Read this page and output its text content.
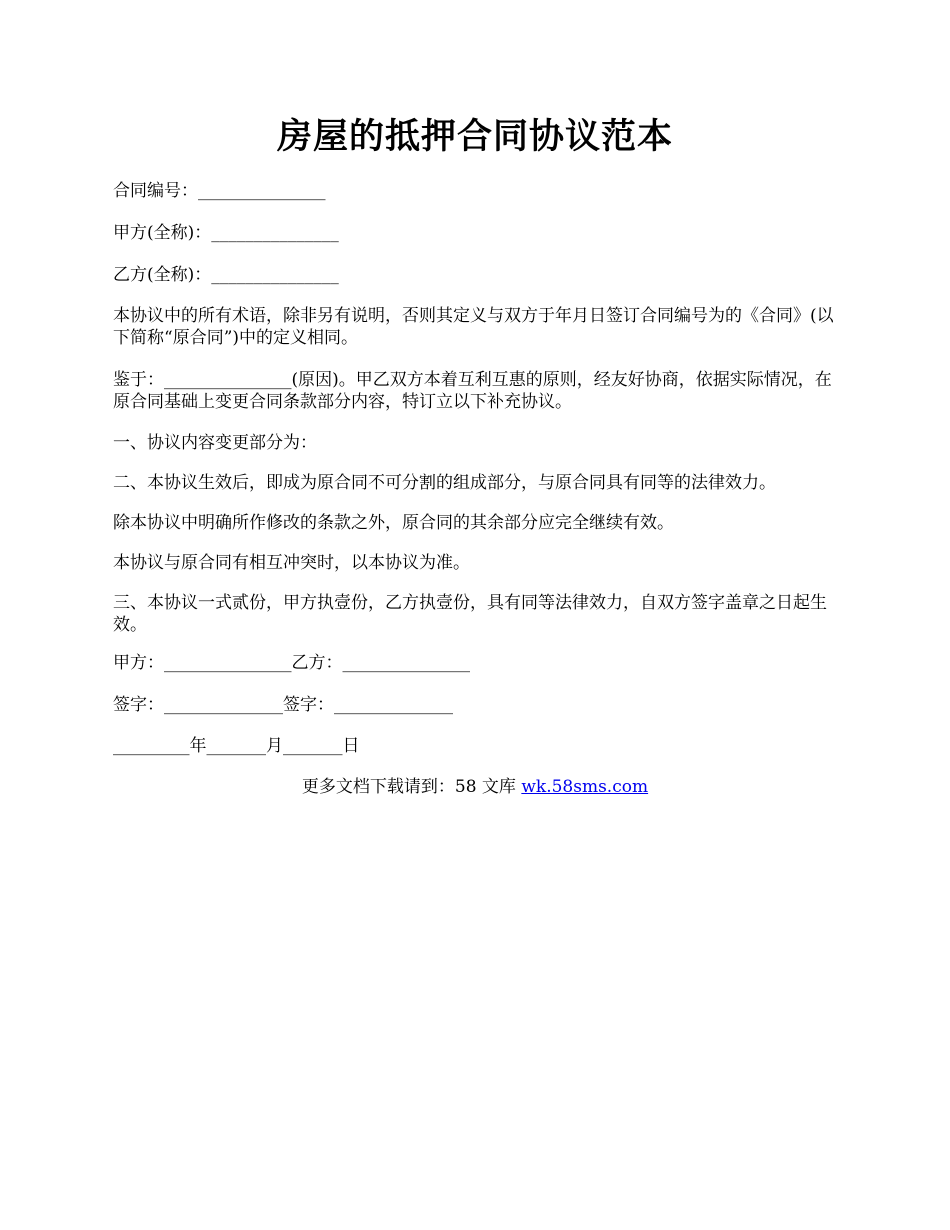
房屋的抵押合同协议范本
合同编号：_______________
甲方(全称)：_______________
乙方(全称)：_______________
本协议中的所有术语，除非另有说明，否则其定义与双方于年月日签订合同编号为的《合同》(以下简称“原合同”)中的定义相同。
鉴于：_______________(原因)。甲乙双方本着互利互惠的原则，经友好协商，依据实际情况，在原合同基础上变更合同条款部分内容，特订立以下补充协议。
一、协议内容变更部分为：
二、本协议生效后，即成为原合同不可分割的组成部分，与原合同具有同等的法律效力。
除本协议中明确所作修改的条款之外，原合同的其余部分应完全继续有效。
本协议与原合同有相互冲突时，以本协议为准。
三、本协议一式贰份，甲方执壹份，乙方执壹份，具有同等法律效力，自双方签字盖章之日起生效。
甲方：_______________乙方：_______________
签字：______________签字：______________
_________年_______月_______日
更多文档下载请到：58 文库 wk.58sms.com
